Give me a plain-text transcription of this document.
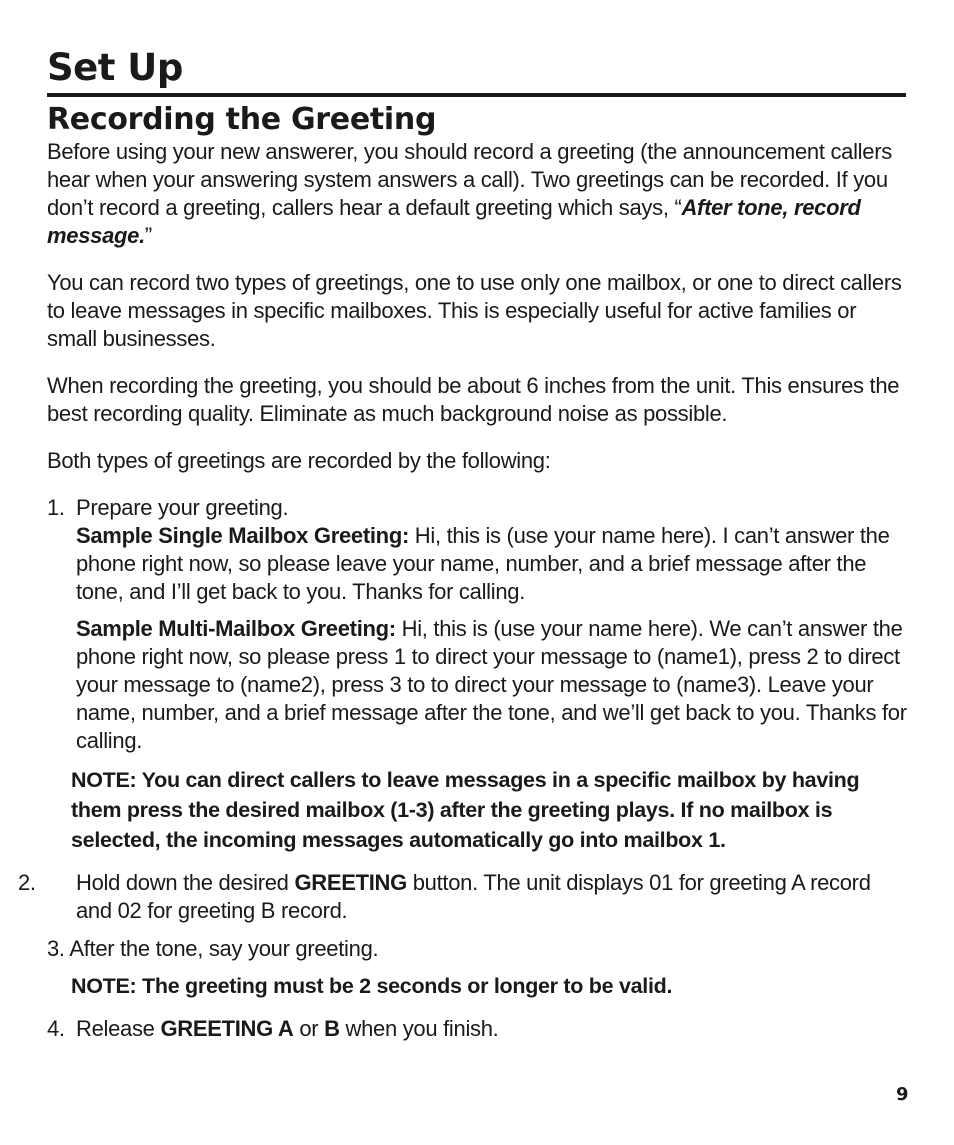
Set Up
Recording the Greeting

Before using your new answerer, you should record a greeting (the announcement callers hear when your answering system answers a call). Two greetings can be recorded. If you don’t record a greeting, callers hear a default greeting which says, “After tone, record message.”

You can record two types of greetings, one to use only one mailbox, or one to direct callers to leave messages in specific mailboxes. This is especially useful for active families or small businesses.

When recording the greeting, you should be about 6 inches from the unit. This ensures the best recording quality. Eliminate as much background noise as possible.

Both types of greetings are recorded by the following:

1. Prepare your greeting.

Sample Single Mailbox Greeting: Hi, this is (use your name here). I can’t answer the phone right now, so please leave your name, number, and a brief message after the tone, and I’ll get back to you. Thanks for calling.

Sample Multi-Mailbox Greeting: Hi, this is (use your name here). We can’t answer the phone right now, so please press 1 to direct your message to (name1), press 2 to direct your message to (name2), press 3 to to direct your message to (name3). Leave your name, number, and a brief message after the tone, and we’ll get back to you. Thanks for calling.

NOTE: You can direct callers to leave messages in a specific mailbox by having them press the desired mailbox (1-3) after the greeting plays. If no mailbox is selected, the incoming messages automatically go into mailbox 1.

2. Hold down the desired GREETING button. The unit displays 01 for greeting A record and 02 for greeting B record.

3. After the tone, say your greeting.

NOTE: The greeting must be 2 seconds or longer to be valid.

4. Release GREETING A or B when you finish.

9
